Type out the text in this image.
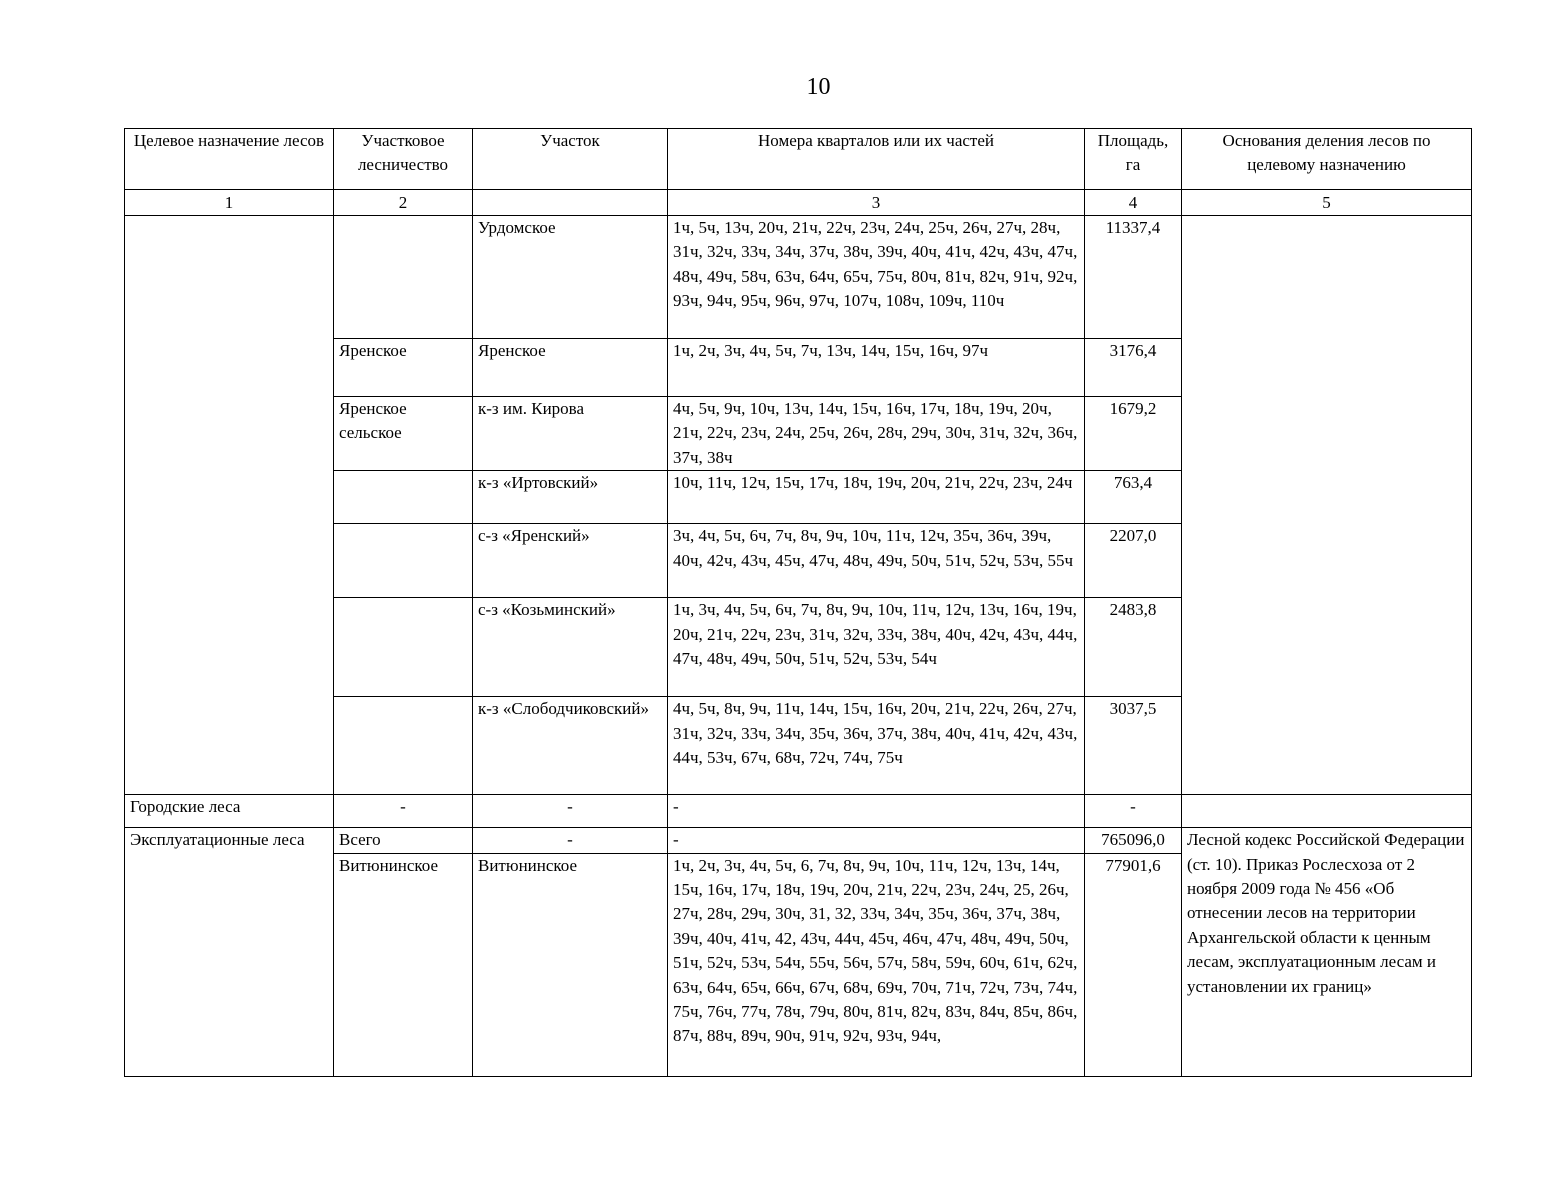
10
Целевое назначение лесов	Участковое лесничество	Участок	Номера кварталов или их частей	Площадь, га	Основания деления лесов по целевому назначению
1	2		3	4	5
		Урдомское	1ч, 5ч, 13ч, 20ч, 21ч, 22ч, 23ч, 24ч, 25ч, 26ч, 27ч, 28ч, 31ч, 32ч, 33ч, 34ч, 37ч, 38ч, 39ч, 40ч, 41ч, 42ч, 43ч, 47ч, 48ч, 49ч, 58ч, 63ч, 64ч, 65ч, 75ч, 80ч, 81ч, 82ч, 91ч, 92ч, 93ч, 94ч, 95ч, 96ч, 97ч, 107ч, 108ч, 109ч, 110ч	11337,4	
	Яренское	Яренское	1ч, 2ч, 3ч, 4ч, 5ч, 7ч, 13ч, 14ч, 15ч, 16ч, 97ч	3176,4	
	Яренское сельское	к-з им. Кирова	4ч, 5ч, 9ч, 10ч, 13ч, 14ч, 15ч, 16ч, 17ч, 18ч, 19ч, 20ч, 21ч, 22ч, 23ч, 24ч, 25ч, 26ч, 28ч, 29ч, 30ч, 31ч, 32ч, 36ч, 37ч, 38ч	1679,2	
		к-з «Иртовский»	10ч, 11ч, 12ч, 15ч, 17ч, 18ч, 19ч, 20ч, 21ч, 22ч, 23ч, 24ч	763,4	
		с-з «Яренский»	3ч, 4ч, 5ч, 6ч, 7ч, 8ч, 9ч, 10ч, 11ч, 12ч, 35ч, 36ч, 39ч, 40ч, 42ч, 43ч, 45ч, 47ч, 48ч, 49ч, 50ч, 51ч, 52ч, 53ч, 55ч	2207,0	
		с-з «Козьминский»	1ч, 3ч, 4ч, 5ч, 6ч, 7ч, 8ч, 9ч, 10ч, 11ч, 12ч, 13ч, 16ч, 19ч, 20ч, 21ч, 22ч, 23ч, 31ч, 32ч, 33ч, 38ч, 40ч, 42ч, 43ч, 44ч, 47ч, 48ч, 49ч, 50ч, 51ч, 52ч, 53ч, 54ч	2483,8	
		к-з «Слободчиковский»	4ч, 5ч, 8ч, 9ч, 11ч, 14ч, 15ч, 16ч, 20ч, 21ч, 22ч, 26ч, 27ч, 31ч, 32ч, 33ч, 34ч, 35ч, 36ч, 37ч, 38ч, 40ч, 41ч, 42ч, 43ч, 44ч, 53ч, 67ч, 68ч, 72ч, 74ч, 75ч	3037,5	
Городские леса	-	-	-	-	
Эксплуатационные леса	Всего	-	-	765096,0	Лесной кодекс Российской Федерации (ст. 10). Приказ Рослесхоза от 2 ноября 2009 года № 456 «Об отнесении лесов на территории Архангельской области к ценным лесам, эксплуатационным лесам и установлении их границ»
	Витюнинское	Витюнинское	1ч, 2ч, 3ч, 4ч, 5ч, 6, 7ч, 8ч, 9ч, 10ч, 11ч, 12ч, 13ч, 14ч, 15ч, 16ч, 17ч, 18ч, 19ч, 20ч, 21ч, 22ч, 23ч, 24ч, 25, 26ч, 27ч, 28ч, 29ч, 30ч, 31, 32, 33ч, 34ч, 35ч, 36ч, 37ч, 38ч, 39ч, 40ч, 41ч, 42, 43ч, 44ч, 45ч, 46ч, 47ч, 48ч, 49ч, 50ч, 51ч, 52ч, 53ч, 54ч, 55ч, 56ч, 57ч, 58ч, 59ч, 60ч, 61ч, 62ч, 63ч, 64ч, 65ч, 66ч, 67ч, 68ч, 69ч, 70ч, 71ч, 72ч, 73ч, 74ч, 75ч, 76ч, 77ч, 78ч, 79ч, 80ч, 81ч, 82ч, 83ч, 84ч, 85ч, 86ч, 87ч, 88ч, 89ч, 90ч, 91ч, 92ч, 93ч, 94ч,	77901,6	
